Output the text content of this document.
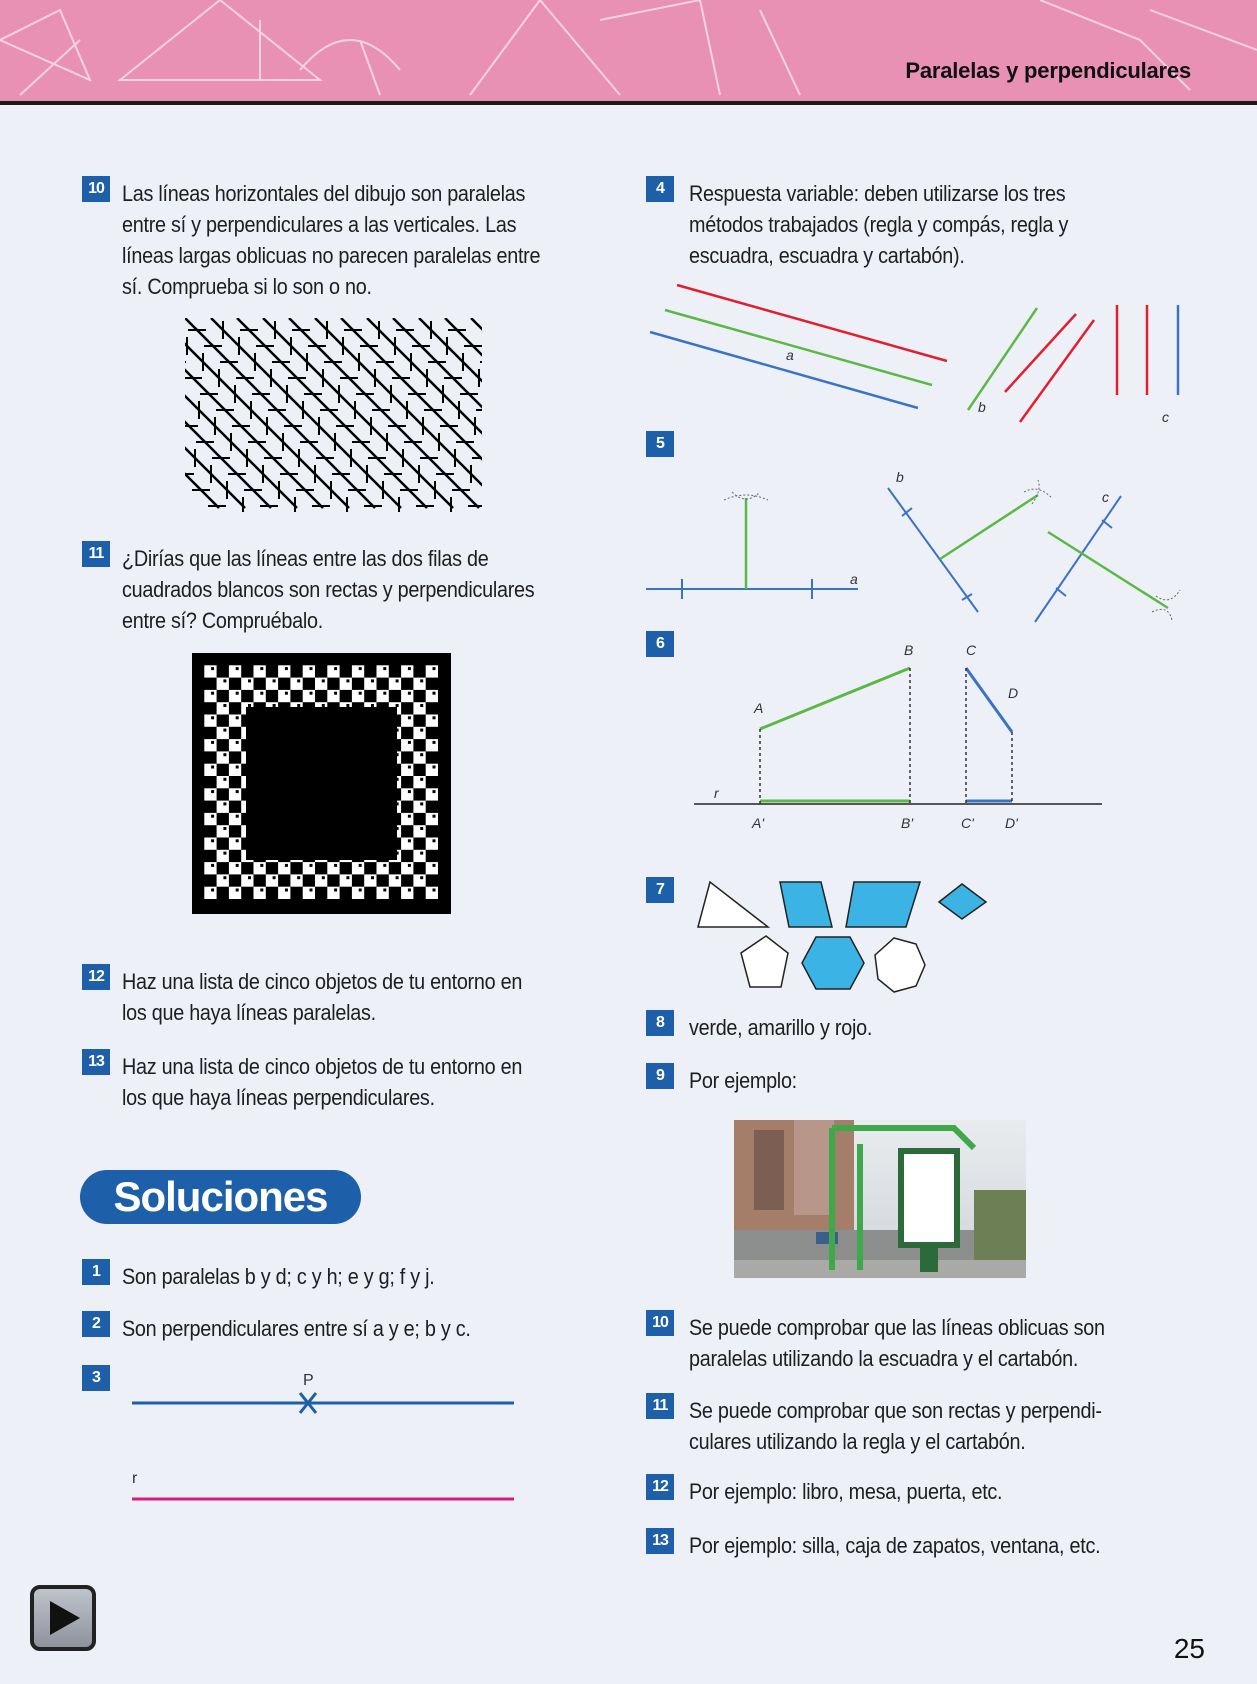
Paralelas y perpendiculares
10 Las líneas horizontales del dibujo son paralelas
entre sí y perpendiculares a las verticales. Las
líneas largas oblicuas no parecen paralelas entre
sí. Comprueba si lo son o no.
11 ¿Dirías que las líneas entre las dos filas de
cuadrados blancos son rectas y perpendiculares
entre sí? Compruébalo.
12 Haz una lista de cinco objetos de tu entorno en
los que haya líneas paralelas.
13 Haz una lista de cinco objetos de tu entorno en
los que haya líneas perpendiculares.
Soluciones
1	Son paralelas b y d; c y h; e y g; f y j.
2	Son perpendiculares entre sí a y e; b y c.
3	P
r
4	Respuesta variable: deben utilizarse los tres
métodos trabajados (regla y compás, regla y
escuadra, escuadra y cartabón).
a
b
c
5
a
b
c
6
A
B	C
D
r
A'	B'	C' D'
7
8	verde, amarillo y rojo.
9	Por ejemplo:
10 Se puede comprobar que las líneas oblicuas son
paralelas utilizando la escuadra y el cartabón.
11 Se puede comprobar que son rectas y perpendi-
culares utilizando la regla y el cartabón.
12 Por ejemplo: libro, mesa, puerta, etc.
13 Por ejemplo: silla, caja de zapatos, ventana, etc.
25
